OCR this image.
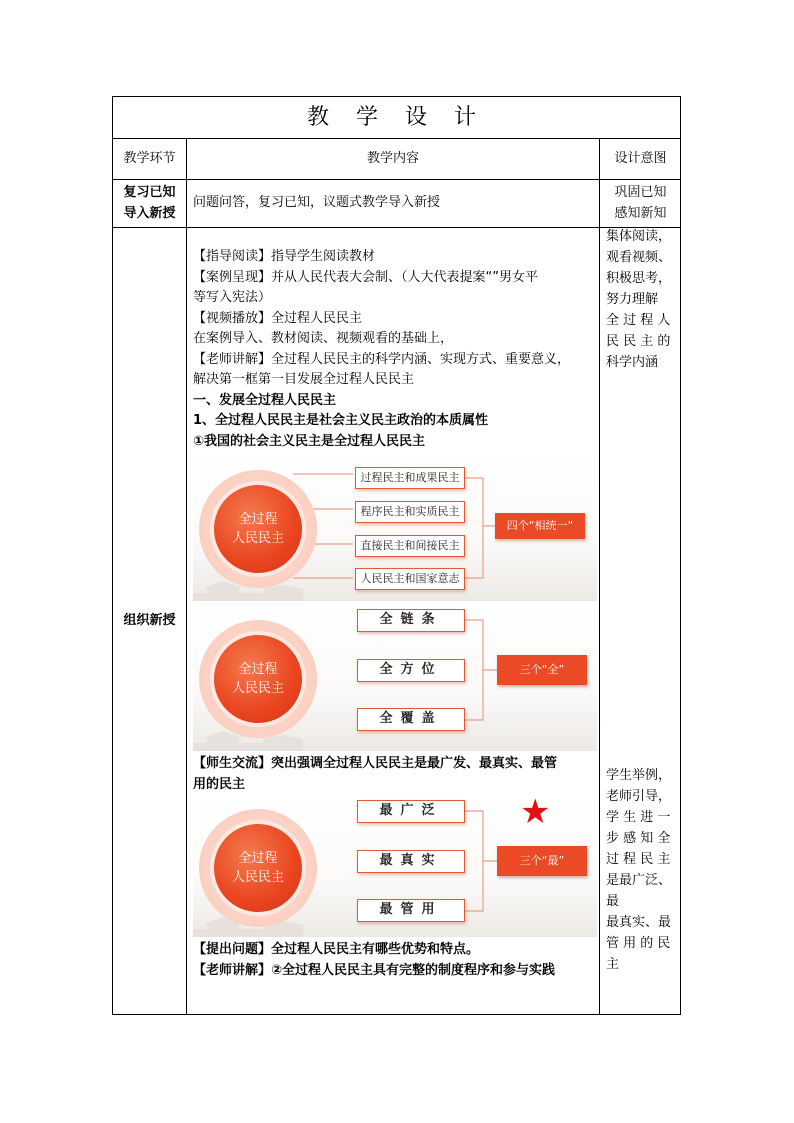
教 学 设 计
教学环节	教学内容	设计意图
复习已知
导入新授
问题问答，复习已知，议题式教学导入新授
巩固已知
感知新知
组织新授
【指导阅读】指导学生阅读教材
【案例呈现】并从人民代表大会制、（人大代表提案“”男女平
等写入宪法）
【视频播放】全过程人民民主
在案例导入、教材阅读、视频观看的基础上，
【老师讲解】全过程人民民主的科学内涵、实现方式、重要意义，
解决第一框第一目发展全过程人民民主
一、发展全过程人民民主
1、全过程人民民主是社会主义民主政治的本质属性
①我国的社会主义民主是全过程人民民主
全过程
人民民主
过程民主和成果民主
程序民主和实质民主
直接民主和间接民主
人民民主和国家意志
四个“相统一”
全过程
人民民主
全链条
全方位
全覆盖
三个“全”
【师生交流】突出强调全过程人民民主是最广发、最真实、最管
用的民主
全过程
人民民主
最广泛
最真实
最管用
三个“最”
★
【提出问题】全过程人民民主有哪些优势和特点。
【老师讲解】②全过程人民民主具有完整的制度程序和参与实践
集体阅读，
观看视频、
积极思考，
努力理解
全 过 程 人
民 民 主 的
科学内涵
学生举例，
老师引导，
学 生 进 一
步 感 知 全
过 程 民 主
是最广泛、最
最真实、最
管 用 的 民
主
